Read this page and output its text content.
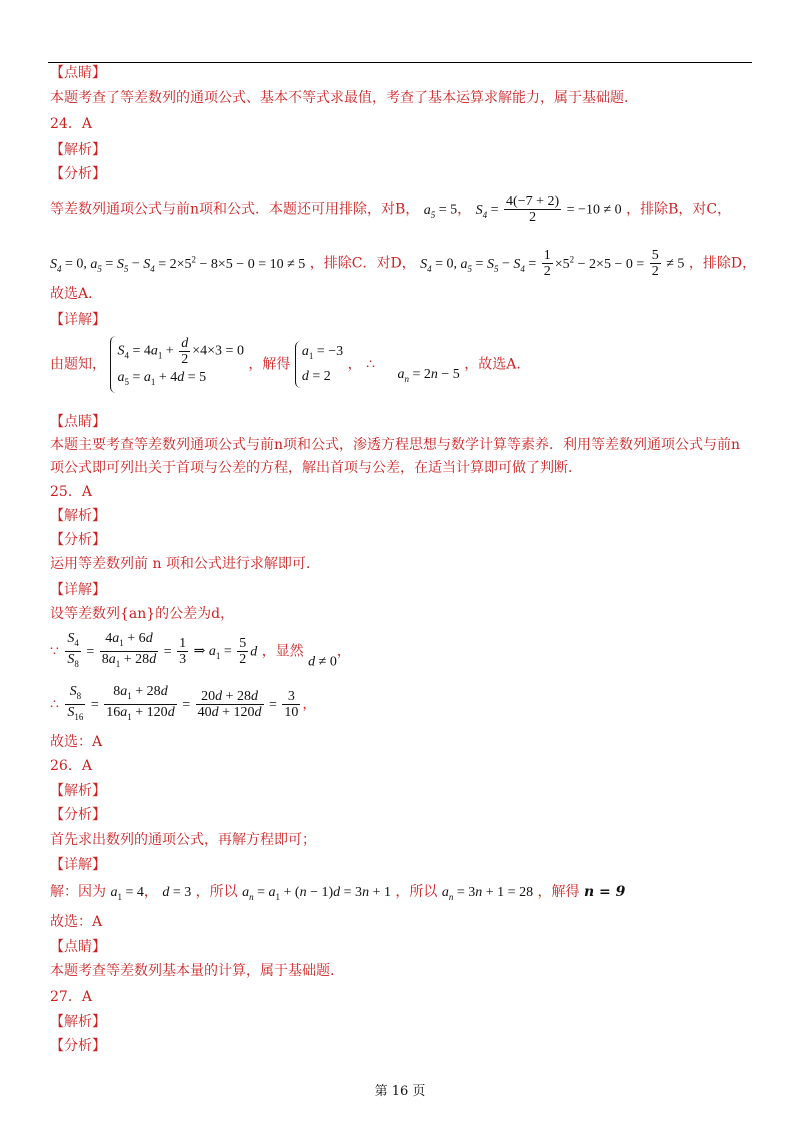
【点睛】
本题考查了等差数列的通项公式、基本不等式求最值，考查了基本运算求解能力，属于基础题.
24．A
【解析】
【分析】
等差数列通项公式与前n项和公式．本题还可用排除，对B， $a_5 = 5$， $S_4 = \frac{4(-7 + 2)}{2} = -10 \ne 0$ ，排除B，对C，
$S_4 = 0$, $a_5 = S_5 - S_4 = 2\times 5^2 - 8\times 5 - 0 = 10 \ne 5$ ，排除C．对D， $S_4 = 0$, $a_5 = S_5 - S_4 = \frac{1}{2} \times 5^2 - 2\times 5 - 0 = \frac{5}{2} \ne 5$ ，排除D，
故选A．
【详解】
由题知，
$S_4 = 4a_1 + \frac{d}{2} \times 4\times 3 = 0$
$a_5 = a_1 + 4d = 5$
，解得
$a_1 = -3$
d = 2
， ∴ $a_n = 2n - 5$ ，故选A．
【点睛】
本题主要考查等差数列通项公式与前n项和公式，渗透方程思想与数学计算等素养．利用等差数列通项公式与前n
项公式即可列出关于首项与公差的方程，解出首项与公差，在适当计算即可做了判断．
25．A
【解析】
【分析】
运用等差数列前 n 项和公式进行求解即可.
【详解】
设等差数列{an}的公差为d，
∵ $\frac{S_4}{S_8} = \frac{4a_1 + 6d}{8a_1 + 28d} = \frac{1}{3}$ ⇒ $a_1 = \frac{5}{2}$ d ，显然 d ≠ 0，
∴ $\frac{S_8}{S_{16}} = \frac{8a_1 + 28d}{16a_1 + 120d} = \frac{20d + 28d}{40d + 120d} = \frac{3}{10}$ ，
故选：A
26．A
【解析】
【分析】
首先求出数列的通项公式，再解方程即可；
【详解】
解：因为 $a_1 = 4$， d = 3 ，所以 $a_n = a_1 + (n - 1)d = 3n + 1$ ，所以 $a_n = 3n + 1 = 28$ ，解得 n = 9
故选：A
【点睛】
本题考查等差数列基本量的计算，属于基础题.
27．A
【解析】
【分析】
第 16 页
